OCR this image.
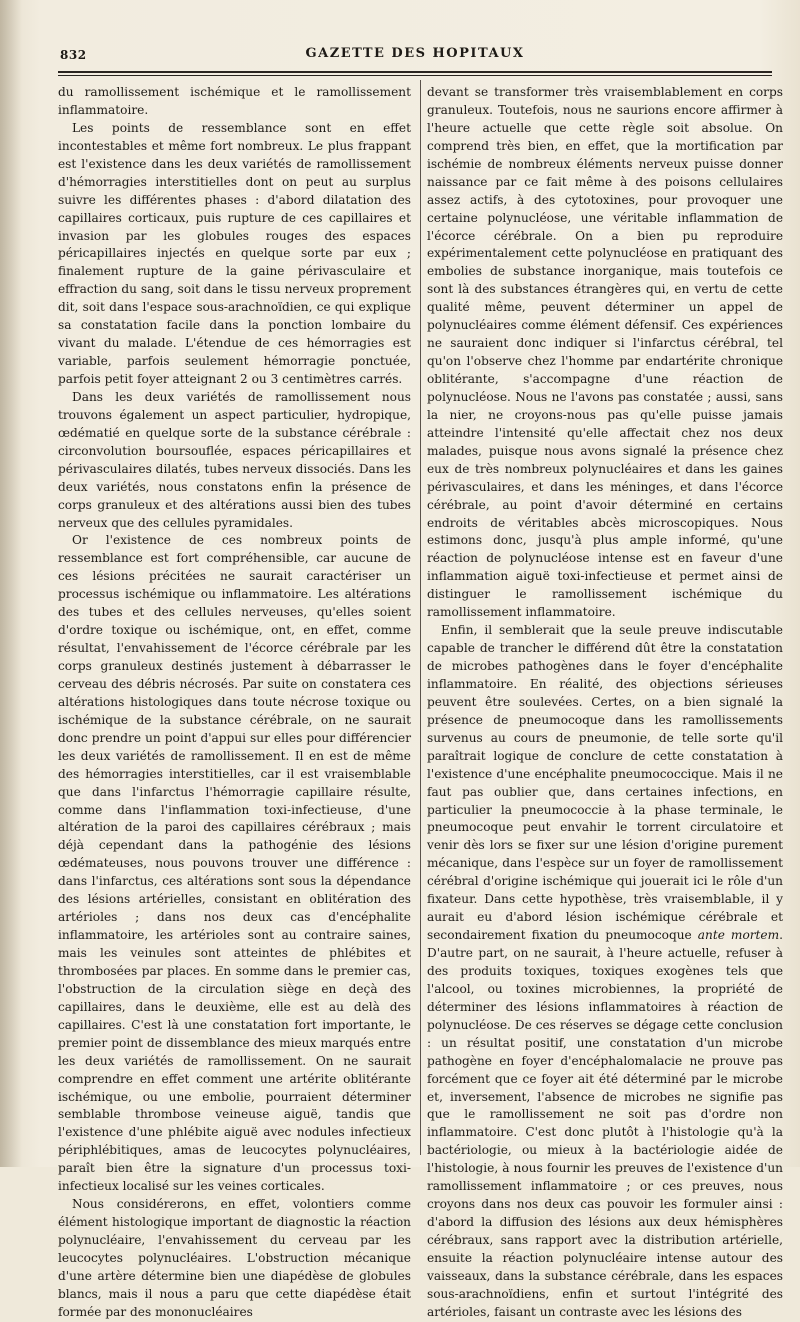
832	GAZETTE DES HOPITAUX

du ramollissement ischémique et le ramollissement inflammatoire.

Les points de ressemblance sont en effet incontestables et même fort nombreux. Le plus frappant est l'existence dans les deux variétés de ramollissement d'hémorragies interstitielles dont on peut au surplus suivre les différentes phases : d'abord dilatation des capillaires corticaux, puis rupture de ces capillaires et invasion par les globules rouges des espaces péricapillaires injectés en quelque sorte par eux ; finalement rupture de la gaine périvasculaire et effraction du sang, soit dans le tissu nerveux proprement dit, soit dans l'espace sous-arachnoïdien, ce qui explique sa constatation facile dans la ponction lombaire du vivant du malade. L'étendue de ces hémorragies est variable, parfois seulement hémorragie ponctuée, parfois petit foyer atteignant 2 ou 3 centimètres carrés.

Dans les deux variétés de ramollissement nous trouvons également un aspect particulier, hydropique, œdématié en quelque sorte de la substance cérébrale : circonvolution boursouflée, espaces péricapillaires et périvasculaires dilatés, tubes nerveux dissociés. Dans les deux variétés, nous constatons enfin la présence de corps granuleux et des altérations aussi bien des tubes nerveux que des cellules pyramidales.

Or l'existence de ces nombreux points de ressemblance est fort compréhensible, car aucune de ces lésions précitées ne saurait caractériser un processus ischémique ou inflammatoire. Les altérations des tubes et des cellules nerveuses, qu'elles soient d'ordre toxique ou ischémique, ont, en effet, comme résultat, l'envahissement de l'écorce cérébrale par les corps granuleux destinés justement à débarrasser le cerveau des débris nécrosés. Par suite on constatera ces altérations histologiques dans toute nécrose toxique ou ischémique de la substance cérébrale, on ne saurait donc prendre un point d'appui sur elles pour différencier les deux variétés de ramollissement. Il en est de même des hémorragies interstitielles, car il est vraisemblable que dans l'infarctus l'hémorragie capillaire résulte, comme dans l'inflammation toxi-infectieuse, d'une altération de la paroi des capillaires cérébraux ; mais déjà cependant dans la pathogénie des lésions œdémateuses, nous pouvons trouver une différence : dans l'infarctus, ces altérations sont sous la dépendance des lésions artérielles, consistant en oblitération des artérioles ; dans nos deux cas d'encéphalite inflammatoire, les artérioles sont au contraire saines, mais les veinules sont atteintes de phlébites et thrombosées par places. En somme dans le premier cas, l'obstruction de la circulation siège en deçà des capillaires, dans le deuxième, elle est au delà des capillaires. C'est là une constatation fort importante, le premier point de dissemblance des mieux marqués entre les deux variétés de ramollissement. On ne saurait comprendre en effet comment une artérite oblitérante ischémique, ou une embolie, pourraient déterminer semblable thrombose veineuse aiguë, tandis que l'existence d'une phlébite aiguë avec nodules infectieux périphlébitiques, amas de leucocytes polynucléaires, paraît bien être la signature d'un processus toxi-infectieux localisé sur les veines corticales.

Nous considérerons, en effet, volontiers comme élément histologique important de diagnostic la réaction polynucléaire, l'envahissement du cerveau par les leucocytes polynucléaires. L'obstruction mécanique d'une artère détermine bien une diapédèse de globules blancs, mais il nous a paru que cette diapédèse était formée par des mononucléaires

devant se transformer très vraisemblablement en corps granuleux. Toutefois, nous ne saurions encore affirmer à l'heure actuelle que cette règle soit absolue. On comprend très bien, en effet, que la mortification par ischémie de nombreux éléments nerveux puisse donner naissance par ce fait même à des poisons cellulaires assez actifs, à des cytotoxines, pour provoquer une certaine polynucléose, une véritable inflammation de l'écorce cérébrale. On a bien pu reproduire expérimentalement cette polynucléose en pratiquant des embolies de substance inorganique, mais toutefois ce sont là des substances étrangères qui, en vertu de cette qualité même, peuvent déterminer un appel de polynucléaires comme élément défensif. Ces expériences ne sauraient donc indiquer si l'infarctus cérébral, tel qu'on l'observe chez l'homme par endartérite chronique oblitérante, s'accompagne d'une réaction de polynucléose. Nous ne l'avons pas constatée ; aussi, sans la nier, ne croyons-nous pas qu'elle puisse jamais atteindre l'intensité qu'elle affectait chez nos deux malades, puisque nous avons signalé la présence chez eux de très nombreux polynucléaires et dans les gaines périvasculaires, et dans les méninges, et dans l'écorce cérébrale, au point d'avoir déterminé en certains endroits de véritables abcès microscopiques. Nous estimons donc, jusqu'à plus ample informé, qu'une réaction de polynucléose intense est en faveur d'une inflammation aiguë toxi-infectieuse et permet ainsi de distinguer le ramollissement ischémique du ramollissement inflammatoire.

Enfin, il semblerait que la seule preuve indiscutable capable de trancher le différend dût être la constatation de microbes pathogènes dans le foyer d'encéphalite inflammatoire. En réalité, des objections sérieuses peuvent être soulevées. Certes, on a bien signalé la présence de pneumocoque dans les ramollissements survenus au cours de pneumonie, de telle sorte qu'il paraîtrait logique de conclure de cette constatation à l'existence d'une encéphalite pneumococcique. Mais il ne faut pas oublier que, dans certaines infections, en particulier la pneumococcie à la phase terminale, le pneumocoque peut envahir le torrent circulatoire et venir dès lors se fixer sur une lésion d'origine purement mécanique, dans l'espèce sur un foyer de ramollissement cérébral d'origine ischémique qui jouerait ici le rôle d'un fixateur. Dans cette hypothèse, très vraisemblable, il y aurait eu d'abord lésion ischémique cérébrale et secondairement fixation du pneumocoque ante mortem. D'autre part, on ne saurait, à l'heure actuelle, refuser à des produits toxiques, toxiques exogènes tels que l'alcool, ou toxines microbiennes, la propriété de déterminer des lésions inflammatoires à réaction de polynucléose. De ces réserves se dégage cette conclusion : un résultat positif, une constatation d'un microbe pathogène en foyer d'encéphalomalacie ne prouve pas forcément que ce foyer ait été déterminé par le microbe et, inversement, l'absence de microbes ne signifie pas que le ramollissement ne soit pas d'ordre non inflammatoire. C'est donc plutôt à l'histologie qu'à la bactériologie, ou mieux à la bactériologie aidée de l'histologie, à nous fournir les preuves de l'existence d'un ramollissement inflammatoire ; or ces preuves, nous croyons dans nos deux cas pouvoir les formuler ainsi : d'abord la diffusion des lésions aux deux hémisphères cérébraux, sans rapport avec la distribution artérielle, ensuite la réaction polynucléaire intense autour des vaisseaux, dans la substance cérébrale, dans les espaces sous-arachnoïdiens, enfin et surtout l'intégrité des artérioles, faisant un contraste avec les lésions des
